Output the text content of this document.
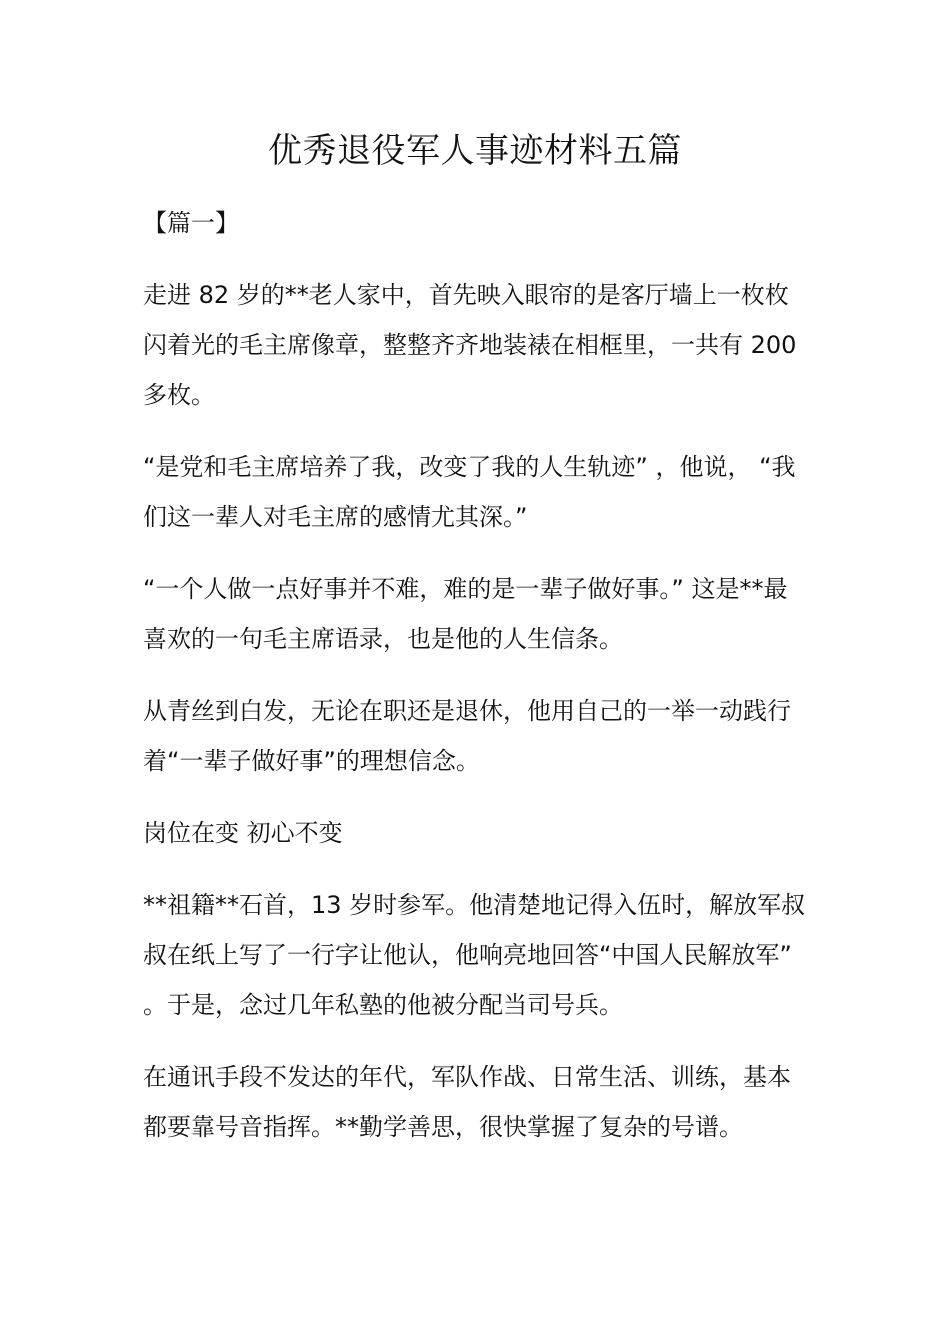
优秀退役军人事迹材料五篇

【篇一】

走进 82 岁的**老人家中，首先映入眼帘的是客厅墙上一枚枚闪着光的毛主席像章，整整齐齐地装裱在相框里，一共有 200 多枚。

“是党和毛主席培养了我，改变了我的人生轨迹” ，他说， “我们这一辈人对毛主席的感情尤其深。”

“一个人做一点好事并不难，难的是一辈子做好事。” 这是**最喜欢的一句毛主席语录，也是他的人生信条。

从青丝到白发，无论在职还是退休，他用自己的一举一动践行着“一辈子做好事”的理想信念。

岗位在变 初心不变

**祖籍**石首，13 岁时参军。他清楚地记得入伍时，解放军叔叔在纸上写了一行字让他认，他响亮地回答“中国人民解放军” 。于是，念过几年私塾的他被分配当司号兵。

在通讯手段不发达的年代，军队作战、日常生活、训练，基本都要靠号音指挥。**勤学善思，很快掌握了复杂的号谱。
